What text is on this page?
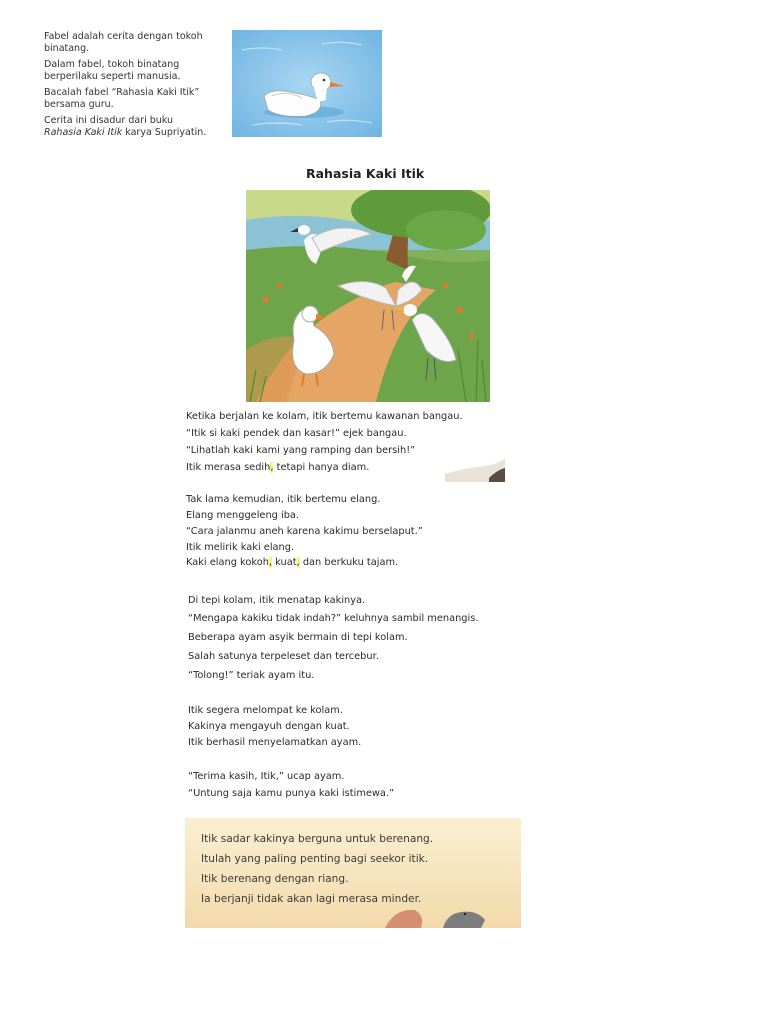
Fabel adalah cerita dengan tokoh binatang.

Dalam fabel, tokoh binatang berperilaku seperti manusia.

Bacalah fabel “Rahasia Kaki Itik” bersama guru.

Cerita ini disadur dari buku
Rahasia Kaki Itik karya Supriyatin.

Rahasia Kaki Itik
Ketika berjalan ke kolam, itik bertemu kawanan bangau.
“Itik si kaki pendek dan kasar!” ejek bangau.
“Lihatlah kaki kami yang ramping dan bersih!”
Itik merasa sedih, tetapi hanya diam.
Tak lama kemudian, itik bertemu elang.
Elang menggeleng iba.
“Cara jalanmu aneh karena kakimu berselaput.”
Itik melirik kaki elang.
Kaki elang kokoh, kuat, dan berkuku tajam.
Di tepi kolam, itik menatap kakinya.
“Mengapa kakiku tidak indah?” keluhnya sambil menangis.
Beberapa ayam asyik bermain di tepi kolam.
Salah satunya terpeleset dan tercebur.
“Tolong!” teriak ayam itu.
Itik segera melompat ke kolam.
Kakinya mengayuh dengan kuat.
Itik berhasil menyelamatkan ayam.
“Terima kasih, Itik,” ucap ayam.
“Untung saja kamu punya kaki istimewa.”
Itik sadar kakinya berguna untuk berenang.
Itulah yang paling penting bagi seekor itik.
Itik berenang dengan riang.
Ia berjanji tidak akan lagi merasa minder.
